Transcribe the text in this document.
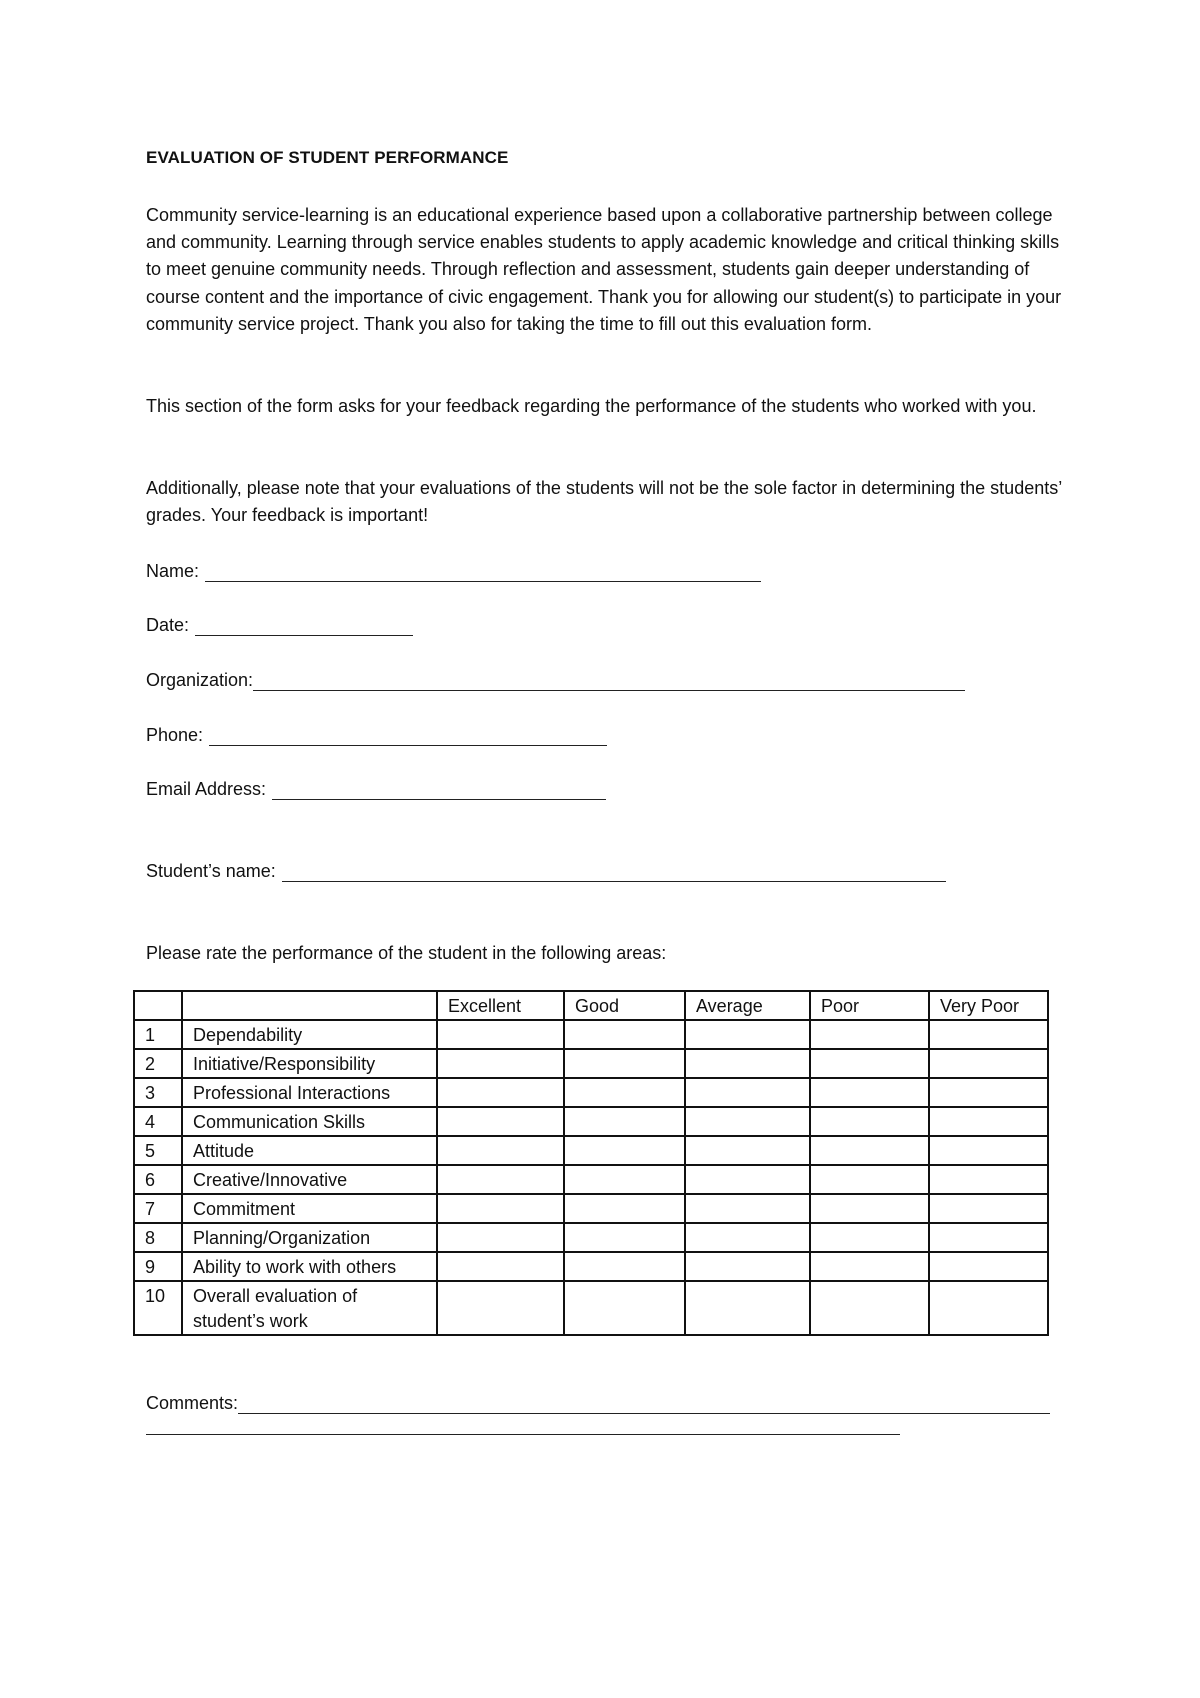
EVALUATION OF STUDENT PERFORMANCE

Community service-learning is an educational experience based upon a collaborative partnership between college and community. Learning through service enables students to apply academic knowledge and critical thinking skills to meet genuine community needs. Through reflection and assessment, students gain deeper understanding of course content and the importance of civic engagement. Thank you for allowing our student(s) to participate in your community service project. Thank you also for taking the time to fill out this evaluation form.

This section of the form asks for your feedback regarding the performance of the students who worked with you.

Additionally, please note that your evaluations of the students will not be the sole factor in determining the students’ grades. Your feedback is important!

Name:
Date:
Organization:
Phone:
Email Address:
Student’s name:
Please rate the performance of the student in the following areas:
		Excellent	Good	Average	Poor	Very Poor
1	Dependability					
2	Initiative/Responsibility					
3	Professional Interactions					
4	Communication Skills					
5	Attitude					
6	Creative/Innovative					
7	Commitment					
8	Planning/Organization					
9	Ability to work with others					
10	Overall evaluation of student’s work					
Comments:
